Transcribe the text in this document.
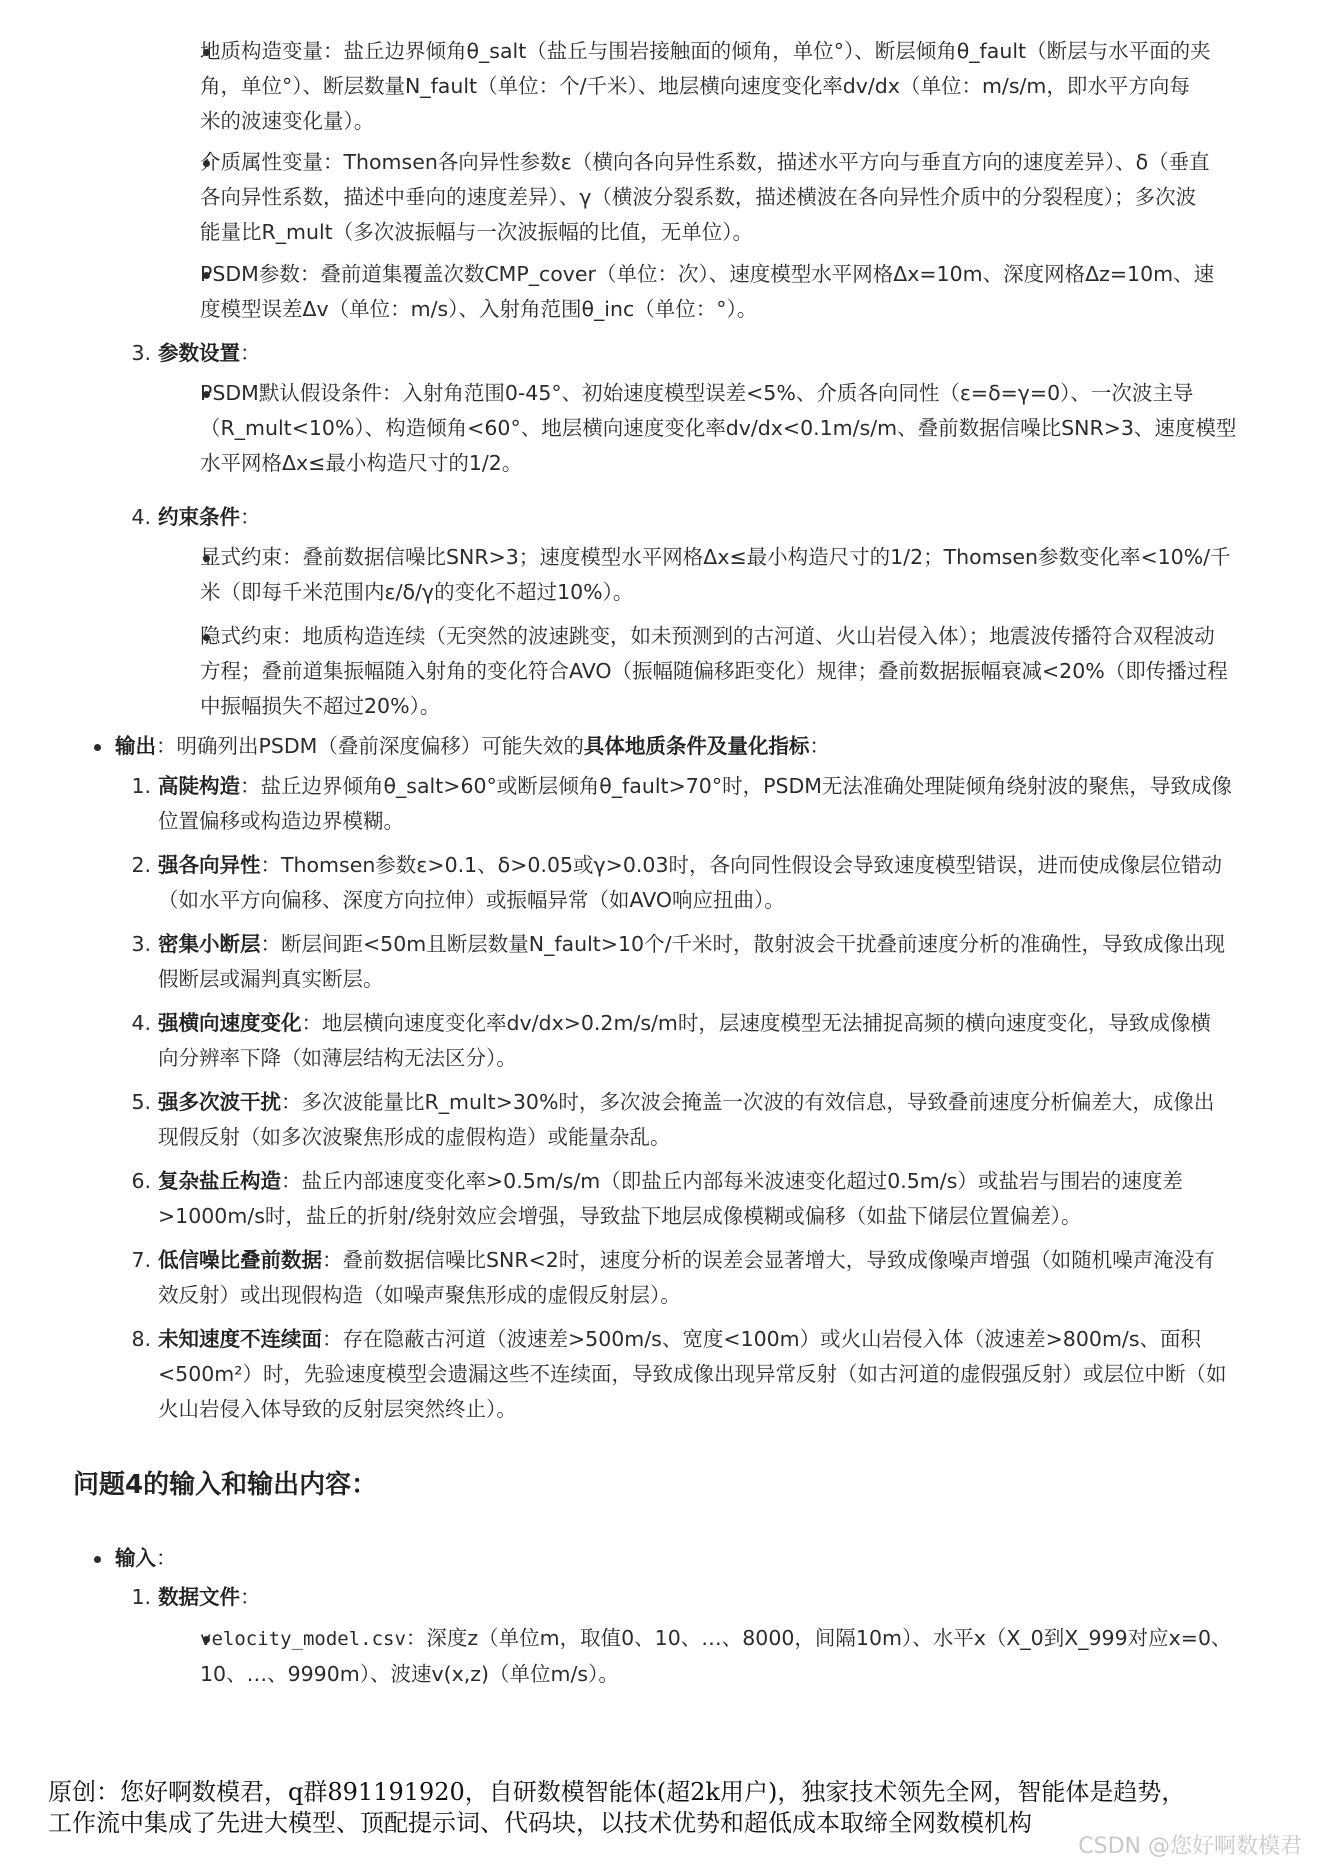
地质构造变量：盐丘边界倾角θ_salt（盐丘与围岩接触面的倾角，单位°）、断层倾角θ_fault（断层与水平面的夹

角，单位°）、断层数量N_fault（单位：个/千米）、地层横向速度变化率dv/dx（单位：m/s/m，即水平方向每

米的波速变化量）。

介质属性变量：Thomsen各向异性参数ε（横向各向异性系数，描述水平方向与垂直方向的速度差异）、δ（垂直

各向异性系数，描述中垂向的速度差异）、γ（横波分裂系数，描述横波在各向异性介质中的分裂程度）；多次波

能量比R_mult（多次波振幅与一次波振幅的比值，无单位）。

PSDM参数：叠前道集覆盖次数CMP_cover（单位：次）、速度模型水平网格Δx=10m、深度网格Δz=10m、速

度模型误差Δv（单位：m/s）、入射角范围θ_inc（单位：°）。

3. 参数设置：

PSDM默认假设条件：入射角范围0-45°、初始速度模型误差<5%、介质各向同性（ε=δ=γ=0）、一次波主导

（R_mult<10%）、构造倾角<60°、地层横向速度变化率dv/dx<0.1m/s/m、叠前数据信噪比SNR>3、速度模型

水平网格Δx≤最小构造尺寸的1/2。

4. 约束条件：

显式约束：叠前数据信噪比SNR>3；速度模型水平网格Δx≤最小构造尺寸的1/2；Thomsen参数变化率<10%/千

米（即每千米范围内ε/δ/γ的变化不超过10%）。

隐式约束：地质构造连续（无突然的波速跳变，如未预测到的古河道、火山岩侵入体）；地震波传播符合双程波动

方程；叠前道集振幅随入射角的变化符合AVO（振幅随偏移距变化）规律；叠前数据振幅衰减<20%（即传播过程

中振幅损失不超过20%）。

输出：明确列出PSDM（叠前深度偏移）可能失效的具体地质条件及量化指标：
1. 高陡构造：盐丘边界倾角θ_salt>60°或断层倾角θ_fault>70°时，PSDM无法准确处理陡倾角绕射波的聚焦，导致成像

位置偏移或构造边界模糊。

2. 强各向异性：Thomsen参数ε>0.1、δ>0.05或γ>0.03时，各向同性假设会导致速度模型错误，进而使成像层位错动

（如水平方向偏移、深度方向拉伸）或振幅异常（如AVO响应扭曲）。

3. 密集小断层：断层间距<50m且断层数量N_fault>10个/千米时，散射波会干扰叠前速度分析的准确性，导致成像出现

假断层或漏判真实断层。

4. 强横向速度变化：地层横向速度变化率dv/dx>0.2m/s/m时，层速度模型无法捕捉高频的横向速度变化，导致成像横

向分辨率下降（如薄层结构无法区分）。

5. 强多次波干扰：多次波能量比R_mult>30%时，多次波会掩盖一次波的有效信息，导致叠前速度分析偏差大，成像出

现假反射（如多次波聚焦形成的虚假构造）或能量杂乱。

6. 复杂盐丘构造：盐丘内部速度变化率>0.5m/s/m（即盐丘内部每米波速变化超过0.5m/s）或盐岩与围岩的速度差

>1000m/s时，盐丘的折射/绕射效应会增强，导致盐下地层成像模糊或偏移（如盐下储层位置偏差）。

7. 低信噪比叠前数据：叠前数据信噪比SNR<2时，速度分析的误差会显著增大，导致成像噪声增强（如随机噪声淹没有

效反射）或出现假构造（如噪声聚焦形成的虚假反射层）。

8. 未知速度不连续面：存在隐蔽古河道（波速差>500m/s、宽度<100m）或火山岩侵入体（波速差>800m/s、面积

<500m²）时，先验速度模型会遗漏这些不连续面，导致成像出现异常反射（如古河道的虚假强反射）或层位中断（如

火山岩侵入体导致的反射层突然终止）。

问题4的输入和输出内容：
输入：
1. 数据文件：

velocity_model.csv：深度z（单位m，取值0、10、…、8000，间隔10m）、水平x（X_0到X_999对应x=0、

10、…、9990m）、波速v(x,z)（单位m/s）。

原创：您好啊数模君，q群891191920，自研数模智能体(超2k用户)，独家技术领先全网，智能体是趋势，
工作流中集成了先进大模型、顶配提示词、代码块，以技术优势和超低成本取缔全网数模机构
CSDN @您好啊数模君
